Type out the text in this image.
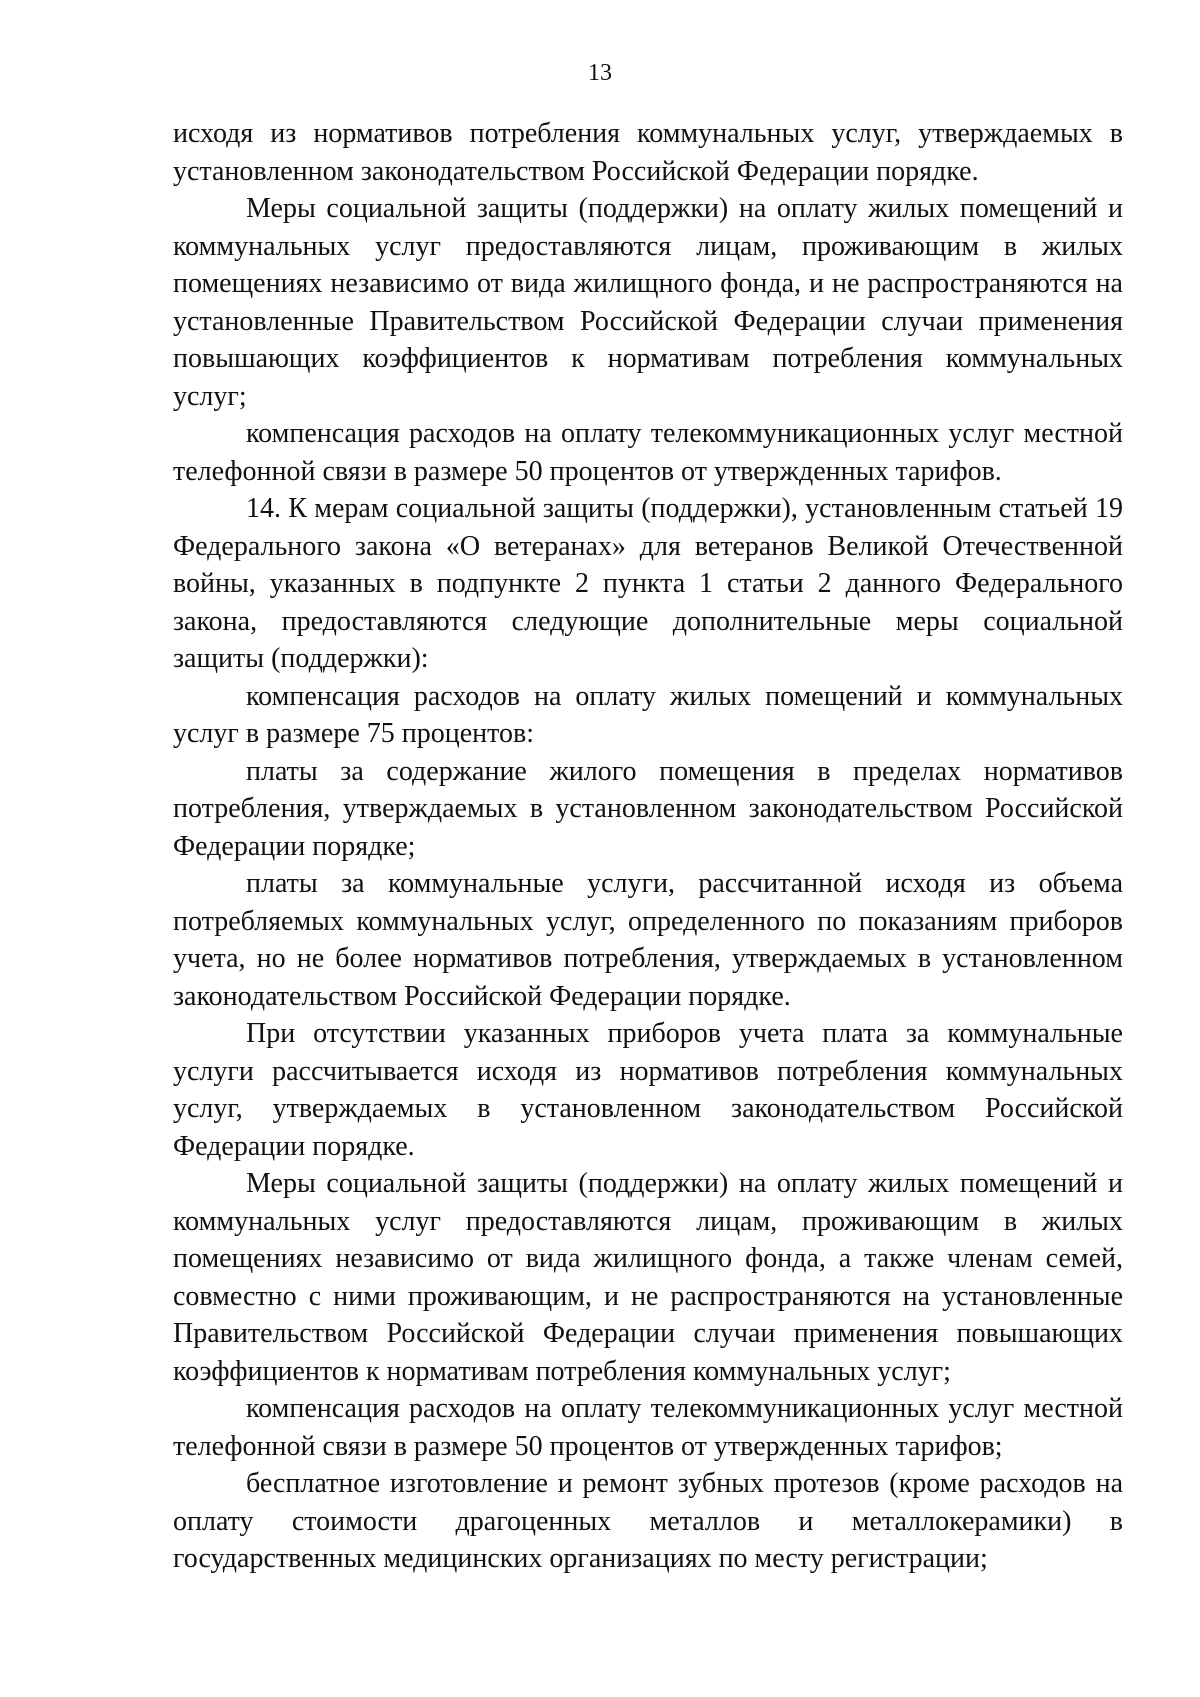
13

исходя из нормативов потребления коммунальных услуг, утверждаемых в установленном законодательством Российской Федерации порядке.

Меры социальной защиты (поддержки) на оплату жилых помещений и коммунальных услуг предоставляются лицам, проживающим в жилых помещениях независимо от вида жилищного фонда, и не распространяются на установленные Правительством Российской Федерации случаи применения повышающих коэффициентов к нормативам потребления коммунальных услуг;

компенсация расходов на оплату телекоммуникационных услуг местной телефонной связи в размере 50 процентов от утвержденных тарифов.

14. К мерам социальной защиты (поддержки), установленным статьей 19 Федерального закона «О ветеранах» для ветеранов Великой Отечественной войны, указанных в подпункте 2 пункта 1 статьи 2 данного Федерального закона, предоставляются следующие дополнительные меры социальной защиты (поддержки):

компенсация расходов на оплату жилых помещений и коммунальных услуг в размере 75 процентов:

платы за содержание жилого помещения в пределах нормативов потребления, утверждаемых в установленном законодательством Российской Федерации порядке;

платы за коммунальные услуги, рассчитанной исходя из объема потребляемых коммунальных услуг, определенного по показаниям приборов учета, но не более нормативов потребления, утверждаемых в установленном законодательством Российской Федерации порядке.

При отсутствии указанных приборов учета плата за коммунальные услуги рассчитывается исходя из нормативов потребления коммунальных услуг, утверждаемых в установленном законодательством Российской Федерации порядке.

Меры социальной защиты (поддержки) на оплату жилых помещений и коммунальных услуг предоставляются лицам, проживающим в жилых помещениях независимо от вида жилищного фонда, а также членам семей, совместно с ними проживающим, и не распространяются на установленные Правительством Российской Федерации случаи применения повышающих коэффициентов к нормативам потребления коммунальных услуг;

компенсация расходов на оплату телекоммуникационных услуг местной телефонной связи в размере 50 процентов от утвержденных тарифов;

бесплатное изготовление и ремонт зубных протезов (кроме расходов на оплату стоимости драгоценных металлов и металлокерамики) в государственных медицинских организациях по месту регистрации;
